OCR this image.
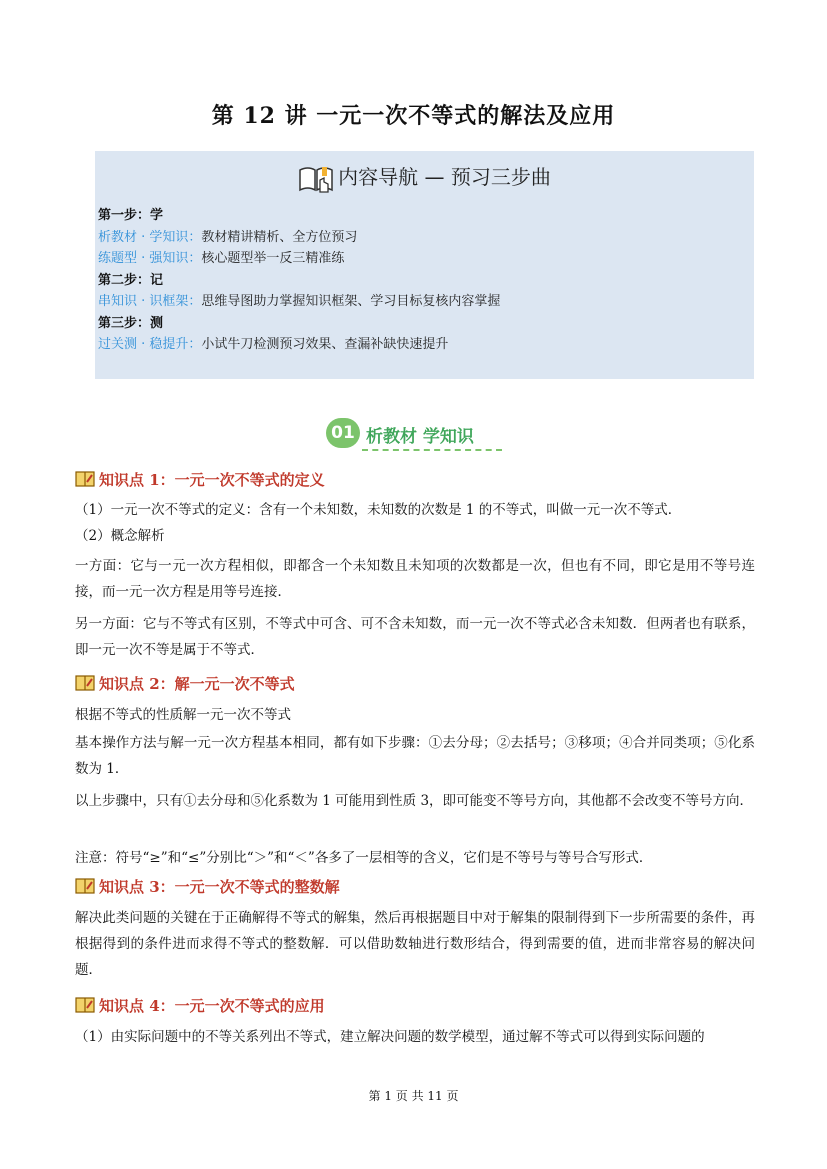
第 12 讲 一元一次不等式的解法及应用
内容导航 — 预习三步曲
第一步：学
析教材 · 学知识：教材精讲精析、全方位预习
练题型 · 强知识：核心题型举一反三精准练
第二步：记
串知识 · 识框架：思维导图助力掌握知识框架、学习目标复核内容掌握
第三步：测
过关测 · 稳提升：小试牛刀检测预习效果、查漏补缺快速提升
01 析教材 学知识
知识点 1：一元一次不等式的定义
（1）一元一次不等式的定义：含有一个未知数，未知数的次数是 1 的不等式，叫做一元一次不等式．
（2）概念解析
一方面：它与一元一次方程相似，即都含一个未知数且未知项的次数都是一次，但也有不同，即它是用不等号连接，而一元一次方程是用等号连接．
另一方面：它与不等式有区别，不等式中可含、可不含未知数，而一元一次不等式必含未知数．但两者也有联系，即一元一次不等是属于不等式．
知识点 2：解一元一次不等式
根据不等式的性质解一元一次不等式
基本操作方法与解一元一次方程基本相同，都有如下步骤：①去分母；②去括号；③移项；④合并同类项；⑤化系数为 1．
以上步骤中，只有①去分母和⑤化系数为 1 可能用到性质 3，即可能变不等号方向，其他都不会改变不等号方向．
注意：符号“≥”和“≤”分别比“＞”和“＜”各多了一层相等的含义，它们是不等号与等号合写形式．
知识点 3：一元一次不等式的整数解
解决此类问题的关键在于正确解得不等式的解集，然后再根据题目中对于解集的限制得到下一步所需要的条件，再根据得到的条件进而求得不等式的整数解．可以借助数轴进行数形结合，得到需要的值，进而非常容易的解决问题．
知识点 4：一元一次不等式的应用
（1）由实际问题中的不等关系列出不等式，建立解决问题的数学模型，通过解不等式可以得到实际问题的
第 1 页 共 11 页
